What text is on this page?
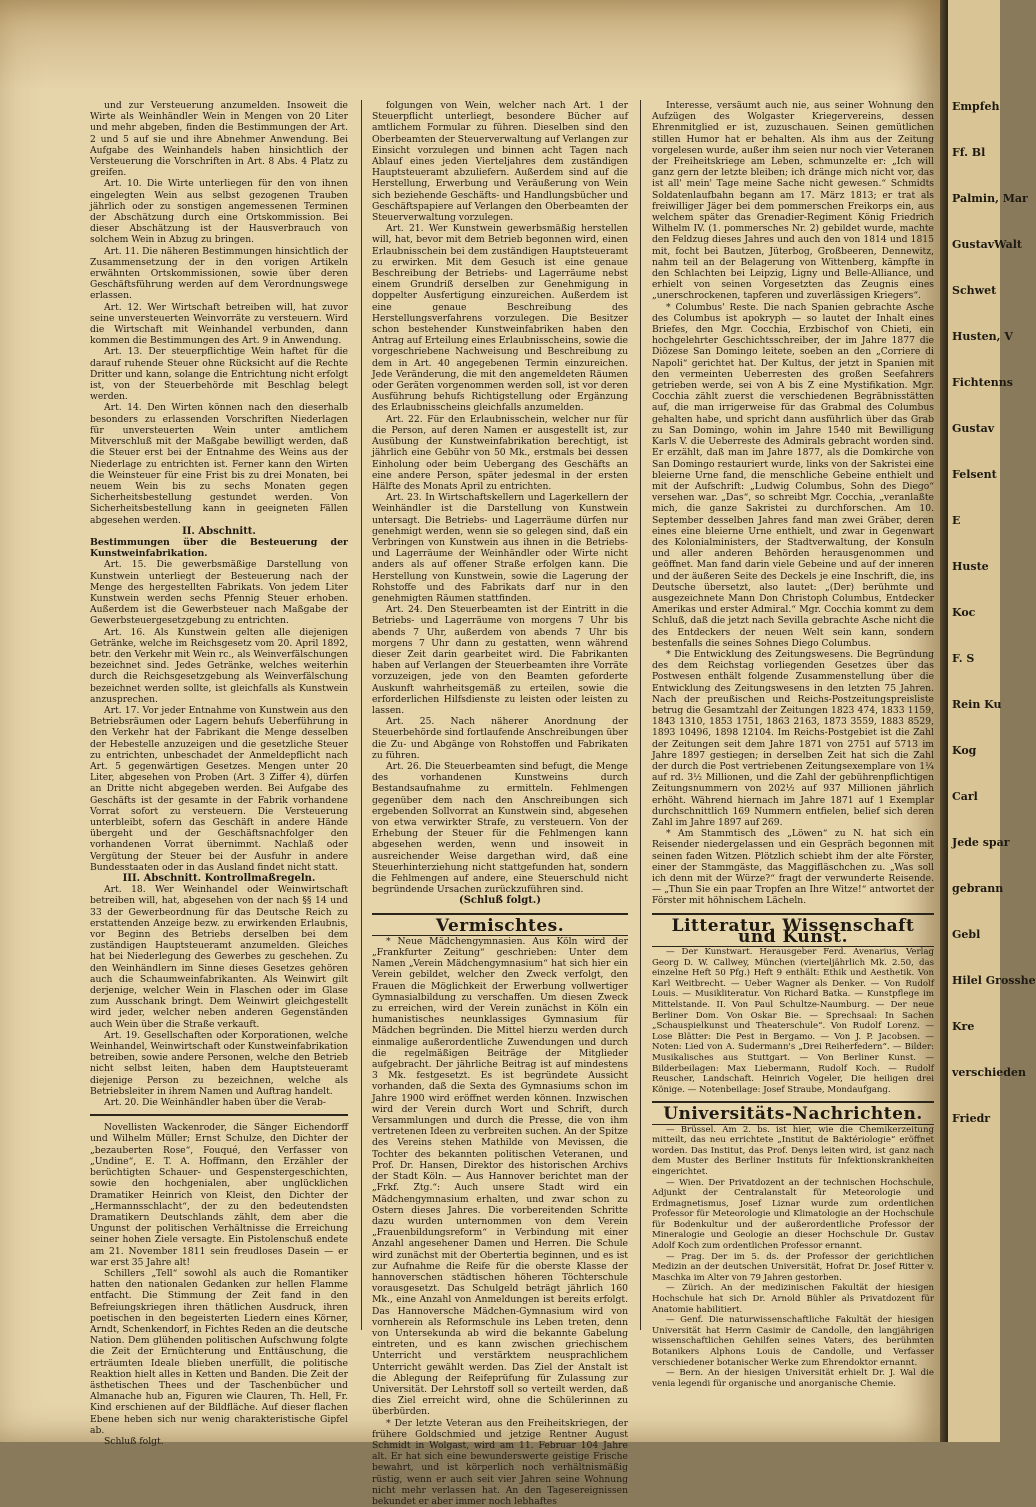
und zur Versteuerung anzumelden. Insoweit die Wirte als Weinhändler Wein in Mengen von 20 Liter und mehr abgeben, finden die Bestimmungen der Art. 2 und 5 auf sie und ihre Abnehmer Anwendung. Bei Aufgabe des Weinhandels haben hinsichtlich der Versteuerung die Vorschriften in Art. 8 Abs. 4 Platz zu greifen.

Art. 10. Die Wirte unterliegen für den von ihnen eingelegten Wein aus selbst gezogenen Trauben jährlich oder zu sonstigen angemessenen Terminen der Abschätzung durch eine Ortskommission. Bei dieser Abschätzung ist der Hausverbrauch von solchem Wein in Abzug zu bringen.

Art. 11. Die näheren Bestimmungen hinsichtlich der Zusammensetzung der in den vorigen Artikeln erwähnten Ortskommissionen, sowie über deren Geschäftsführung werden auf dem Verordnungswege erlassen.

Art. 12. Wer Wirtschaft betreiben will, hat zuvor seine unversteuerten Weinvorräte zu versteuern. Wird die Wirtschaft mit Weinhandel verbunden, dann kommen die Bestimmungen des Art. 9 in Anwendung.

Art. 13. Der steuerpflichtige Wein haftet für die darauf ruhende Steuer ohne Rücksicht auf die Rechte Dritter und kann, solange die Entrichtung nicht erfolgt ist, von der Steuerbehörde mit Beschlag belegt werden.

Art. 14. Den Wirten können nach den dieserhalb besonders zu erlassenden Vorschriften Niederlagen für unversteuerten Wein unter amtlichem Mitverschluß mit der Maßgabe bewilligt werden, daß die Steuer erst bei der Entnahme des Weins aus der Niederlage zu entrichten ist. Ferner kann den Wirten die Weinsteuer für eine Frist bis zu drei Monaten, bei neuem Wein bis zu sechs Monaten gegen Sicherheitsbestellung gestundet werden. Von Sicherheitsbestellung kann in geeigneten Fällen abgesehen werden.

II. Abschnitt.

Bestimmungen über die Besteuerung der Kunstweinfabrikation.

Art. 15. Die gewerbsmäßige Darstellung von Kunstwein unterliegt der Besteuerung nach der Menge des hergestellten Fabrikats. Von jedem Liter Kunstwein werden sechs Pfennig Steuer erhoben. Außerdem ist die Gewerbsteuer nach Maßgabe der Gewerbsteuergesetzgebung zu entrichten.

Art. 16. Als Kunstwein gelten alle diejenigen Getränke, welche im Reichsgesetz vom 20. April 1892, betr. den Verkehr mit Wein rc., als Weinverfälschungen bezeichnet sind. Jedes Getränke, welches weiterhin durch die Reichsgesetzgebung als Weinverfälschung bezeichnet werden sollte, ist gleichfalls als Kunstwein anzusprechen.

Art. 17. Vor jeder Entnahme von Kunstwein aus den Betriebsräumen oder Lagern behufs Ueberführung in den Verkehr hat der Fabrikant die Menge desselben der Hebestelle anzuzeigen und die gesetzliche Steuer zu entrichten, unbeschadet der Anmeldepflicht nach Art. 5 gegenwärtigen Gesetzes. Mengen unter 20 Liter, abgesehen von Proben (Art. 3 Ziffer 4), dürfen an Dritte nicht abgegeben werden. Bei Aufgabe des Geschäfts ist der gesamte in der Fabrik vorhandene Vorrat sofort zu versteuern. Die Versteuerung unterbleibt, sofern das Geschäft in andere Hände übergeht und der Geschäftsnachfolger den vorhandenen Vorrat übernimmt. Nachlaß oder Vergütung der Steuer bei der Ausfuhr in andere Bundesstaaten oder in das Ausland findet nicht statt.

III. Abschnitt. Kontrollmaßregeln.

Art. 18. Wer Weinhandel oder Weinwirtschaft betreiben will, hat, abgesehen von der nach §§ 14 und 33 der Gewerbeordnung für das Deutsche Reich zu erstattenden Anzeige bezw. zu erwirkenden Erlaubnis, vor Beginn des Betriebs derselben bei dem zuständigen Hauptsteueramt anzumelden. Gleiches hat bei Niederlegung des Gewerbes zu geschehen. Zu den Weinhändlern im Sinne dieses Gesetzes gehören auch die Schaumweinfabrikanten. Als Weinwirt gilt derjenige, welcher Wein in Flaschen oder im Glase zum Ausschank bringt. Dem Weinwirt gleichgestellt wird jeder, welcher neben anderen Gegenständen auch Wein über die Straße verkauft.

Art. 19. Gesellschaften oder Korporationen, welche Weinhandel, Weinwirtschaft oder Kunstweinfabrikation betreiben, sowie andere Personen, welche den Betrieb nicht selbst leiten, haben dem Hauptsteueramt diejenige Person zu bezeichnen, welche als Betriebsleiter in ihrem Namen und Auftrag handelt.

Art. 20. Die Weinhändler haben über die Verab-

Novellisten Wackenroder, die Sänger Eichendorff und Wilhelm Müller; Ernst Schulze, den Dichter der „bezauberten Rose“, Fouqué, den Verfasser von „Undine“, E. T. A. Hoffmann, den Erzähler der berüchtigten Schauer- und Gespenstergeschichten, sowie den hochgenialen, aber unglücklichen Dramatiker Heinrich von Kleist, den Dichter der „Hermannsschlacht“, der zu den bedeutendsten Dramatikern Deutschlands zählt, dem aber die Ungunst der politischen Verhältnisse die Erreichung seiner hohen Ziele versagte. Ein Pistolenschuß endete am 21. November 1811 sein freudloses Dasein — er war erst 35 Jahre alt!

Schillers „Tell“ sowohl als auch die Romantiker hatten den nationalen Gedanken zur hellen Flamme entfacht. Die Stimmung der Zeit fand in den Befreiungskriegen ihren thätlichen Ausdruck, ihren poetischen in den begeisterten Liedern eines Körner, Arndt, Schenkendorf, in Fichtes Reden an die deutsche Nation. Dem glühenden politischen Aufschwung folgte die Zeit der Ernüchterung und Enttäuschung, die erträumten Ideale blieben unerfüllt, die politische Reaktion hielt alles in Ketten und Banden. Die Zeit der ästhetischen Thees und der Taschenbücher und Almanache hub an, Figuren wie Clauren, Th. Hell, Fr. Kind erschienen auf der Bildfläche. Auf dieser flachen Ebene heben sich nur wenig charakteristische Gipfel ab.

Schluß folgt.

folgungen von Wein, welcher nach Art. 1 der Steuerpflicht unterliegt, besondere Bücher auf amtlichem Formular zu führen. Dieselben sind den Oberbeamten der Steuerverwaltung auf Verlangen zur Einsicht vorzulegen und binnen acht Tagen nach Ablauf eines jeden Vierteljahres dem zuständigen Hauptsteueramt abzuliefern. Außerdem sind auf die Herstellung, Erwerbung und Veräußerung von Wein sich beziehende Geschäfts- und Handlungsbücher und Geschäftspapiere auf Verlangen den Oberbeamten der Steuerverwaltung vorzulegen.

Art. 21. Wer Kunstwein gewerbsmäßig herstellen will, hat, bevor mit dem Betrieb begonnen wird, einen Erlaubnisschein bei dem zuständigen Hauptsteueramt zu erwirken. Mit dem Gesuch ist eine genaue Beschreibung der Betriebs- und Lagerräume nebst einem Grundriß derselben zur Genehmigung in doppelter Ausfertigung einzureichen. Außerdem ist eine genaue Beschreibung des Herstellungsverfahrens vorzulegen. Die Besitzer schon bestehender Kunstweinfabriken haben den Antrag auf Erteilung eines Erlaubnisscheins, sowie die vorgeschriebene Nachweisung und Beschreibung zu dem in Art. 40 angegebenen Termin einzureichen. Jede Veränderung, die mit den angemeldeten Räumen oder Geräten vorgenommen werden soll, ist vor deren Ausführung behufs Richtigstellung oder Ergänzung des Erlaubnisscheins gleichfalls anzumelden.

Art. 22. Für den Erlaubnisschein, welcher nur für die Person, auf deren Namen er ausgestellt ist, zur Ausübung der Kunstweinfabrikation berechtigt, ist jährlich eine Gebühr von 50 Mk., erstmals bei dessen Einholung oder beim Uebergang des Geschäfts an eine andere Person, später jedesmal in der ersten Hälfte des Monats April zu entrichten.

Art. 23. In Wirtschaftskellern und Lagerkellern der Weinhändler ist die Darstellung von Kunstwein untersagt. Die Betriebs- und Lagerräume dürfen nur genehmigt werden, wenn sie so gelegen sind, daß ein Verbringen von Kunstwein aus ihnen in die Betriebs- und Lagerräume der Weinhändler oder Wirte nicht anders als auf offener Straße erfolgen kann. Die Herstellung von Kunstwein, sowie die Lagerung der Rohstoffe und des Fabrikats darf nur in den genehmigten Räumen stattfinden.

Art. 24. Den Steuerbeamten ist der Eintritt in die Betriebs- und Lagerräume von morgens 7 Uhr bis abends 7 Uhr, außerdem von abends 7 Uhr bis morgens 7 Uhr dann zu gestatten, wenn während dieser Zeit darin gearbeitet wird. Die Fabrikanten haben auf Verlangen der Steuerbeamten ihre Vorräte vorzuzeigen, jede von den Beamten geforderte Auskunft wahrheitsgemäß zu erteilen, sowie die erforderlichen Hilfsdienste zu leisten oder leisten zu lassen.

Art. 25. Nach näherer Anordnung der Steuerbehörde sind fortlaufende Anschreibungen über die Zu- und Abgänge von Rohstoffen und Fabrikaten zu führen.

Art. 26. Die Steuerbeamten sind befugt, die Menge des vorhandenen Kunstweins durch Bestandsaufnahme zu ermitteln. Fehlmengen gegenüber dem nach den Anschreibungen sich ergebenden Sollvorrat an Kunstwein sind, abgesehen von etwa verwirkter Strafe, zu versteuern. Von der Erhebung der Steuer für die Fehlmengen kann abgesehen werden, wenn und insoweit in ausreichender Weise dargethan wird, daß eine Steuerhinterziehung nicht stattgefunden hat, sondern die Fehlmengen auf andere, eine Steuerschuld nicht begründende Ursachen zurückzuführen sind.

(Schluß folgt.)

Vermischtes.

* Neue Mädchengymnasien. Aus Köln wird der „Frankfurter Zeitung“ geschrieben: Unter dem Namen „Verein Mädchengymnasium“ hat sich hier ein Verein gebildet, welcher den Zweck verfolgt, den Frauen die Möglichkeit der Erwerbung vollwertiger Gymnasialbildung zu verschaffen. Um diesen Zweck zu erreichen, wird der Verein zunächst in Köln ein humanistisches neunklassiges Gymnasium für Mädchen begründen. Die Mittel hierzu werden durch einmalige außerordentliche Zuwendungen und durch die regelmäßigen Beiträge der Mitglieder aufgebracht. Der jährliche Beitrag ist auf mindestens 3 Mk. festgesetzt. Es ist begründete Aussicht vorhanden, daß die Sexta des Gymnasiums schon im Jahre 1900 wird eröffnet werden können. Inzwischen wird der Verein durch Wort und Schrift, durch Versammlungen und durch die Presse, die von ihm vertretenen Ideen zu verbreiten suchen. An der Spitze des Vereins stehen Mathilde von Mevissen, die Tochter des bekannten politischen Veteranen, und Prof. Dr. Hansen, Direktor des historischen Archivs der Stadt Köln. — Aus Hannover berichtet man der „Frkf. Ztg.“: Auch unsere Stadt wird ein Mädchengymnasium erhalten, und zwar schon zu Ostern dieses Jahres. Die vorbereitenden Schritte dazu wurden unternommen von dem Verein „Frauenbildungsreform“ in Verbindung mit einer Anzahl angesehener Damen und Herren. Die Schule wird zunächst mit der Obertertia beginnen, und es ist zur Aufnahme die Reife für die oberste Klasse der hannoverschen städtischen höheren Töchterschule vorausgesetzt. Das Schulgeld beträgt jährlich 160 Mk., eine Anzahl von Anmeldungen ist bereits erfolgt. Das Hannoversche Mädchen-Gymnasium wird von vornherein als Reformschule ins Leben treten, denn von Untersekunda ab wird die bekannte Gabelung eintreten, und es kann zwischen griechischem Unterricht und verstärktem neusprachlichem Unterricht gewählt werden. Das Ziel der Anstalt ist die Ablegung der Reifeprüfung für Zulassung zur Universität. Der Lehrstoff soll so verteilt werden, daß dies Ziel erreicht wird, ohne die Schülerinnen zu überbürden.

* Der letzte Veteran aus den Freiheitskriegen, der frühere Goldschmied und jetzige Rentner August Schmidt in Wolgast, wird am 11. Februar 104 Jahre alt. Er hat sich eine bewunderswerte geistige Frische bewahrt, und ist körperlich noch verhältnismäßig rüstig, wenn er auch seit vier Jahren seine Wohnung nicht mehr verlassen hat. An den Tagesereignissen bekundet er aber immer noch lebhaftes

Interesse, versäumt auch nie, aus seiner Wohnung den Aufzügen des Wolgaster Kriegervereins, dessen Ehrenmitglied er ist, zuzuschauen. Seinen gemütlichen stillen Humor hat er behalten. Als ihm aus der Zeitung vorgelesen wurde, außer ihm seien nur noch vier Veteranen der Freiheitskriege am Leben, schmunzelte er: „Ich will ganz gern der letzte bleiben; ich dränge mich nicht vor, das ist all' mein' Tage meine Sache nicht gewesen.“ Schmidts Soldatenlaufbahn begann am 17. März 1813; er trat als freiwilliger Jäger bei dem pommerschen Freikorps ein, aus welchem später das Grenadier-Regiment König Friedrich Wilhelm IV. (1. pommersches Nr. 2) gebildet wurde, machte den Feldzug dieses Jahres und auch den von 1814 und 1815 mit, focht bei Bautzen, Jüterbog, Großbeeren, Dennewitz, nahm teil an der Belagerung von Wittenberg, kämpfte in den Schlachten bei Leipzig, Ligny und Belle-Alliance, und erhielt von seinen Vorgesetzten das Zeugnis eines „unerschrockenen, tapferen und zuverlässigen Kriegers“.

* Columbus' Reste. Die nach Spanien gebrachte Asche des Columbus ist apokryph — so lautet der Inhalt eines Briefes, den Mgr. Cocchia, Erzbischof von Chieti, ein hochgelehrter Geschichtsschreiber, der im Jahre 1877 die Diözese San Domingo leitete, soeben an den „Corriere di Napoli“ gerichtet hat. Der Kultus, der jetzt in Spanien mit den vermeinten Ueberresten des großen Seefahrers getrieben werde, sei von A bis Z eine Mystifikation. Mgr. Cocchia zählt zuerst die verschiedenen Begräbnisstätten auf, die man irrigerweise für das Grabmal des Columbus gehalten habe, und spricht dann ausführlich über das Grab zu San Domingo, wohin im Jahre 1540 mit Bewilligung Karls V. die Ueberreste des Admirals gebracht worden sind. Er erzählt, daß man im Jahre 1877, als die Domkirche von San Domingo restauriert wurde, links von der Sakristei eine bleierne Urne fand, die menschliche Gebeine enthielt und mit der Aufschrift: „Ludwig Columbus, Sohn des Diego“ versehen war. „Das“, so schreibt Mgr. Cocchia, „veranlaßte mich, die ganze Sakristei zu durchforschen. Am 10. September desselben Jahres fand man zwei Gräber, deren eines eine bleierne Urne enthielt, und zwar in Gegenwart des Kolonialministers, der Stadtverwaltung, der Konsuln und aller anderen Behörden herausgenommen und geöffnet. Man fand darin viele Gebeine und auf der inneren und der äußeren Seite des Deckels je eine Inschrift, die, ins Deutsche übersetzt, also lautet: „(Der) berühmte und ausgezeichnete Mann Don Christoph Columbus, Entdecker Amerikas und erster Admiral.“ Mgr. Cocchia kommt zu dem Schluß, daß die jetzt nach Sevilla gebrachte Asche nicht die des Entdeckers der neuen Welt sein kann, sondern bestenfalls die seines Sohnes Diego Columbus.

* Die Entwicklung des Zeitungswesens. Die Begründung des dem Reichstag vorliegenden Gesetzes über das Postwesen enthält folgende Zusammenstellung über die Entwicklung des Zeitungswesens in den letzten 75 Jahren. Nach der preußischen und Reichs-Postzeitungspreisliste betrug die Gesamtzahl der Zeitungen 1823 474, 1833 1159, 1843 1310, 1853 1751, 1863 2163, 1873 3559, 1883 8529, 1893 10496, 1898 12104. Im Reichs-Postgebiet ist die Zahl der Zeitungen seit dem Jahre 1871 von 2751 auf 5713 im Jahre 1897 gestiegen; in derselben Zeit hat sich die Zahl der durch die Post vertriebenen Zeitungsexemplare von 1¼ auf rd. 3½ Millionen, und die Zahl der gebührenpflichtigen Zeitungsnummern von 202½ auf 937 Millionen jährlich erhöht. Während hiernach im Jahre 1871 auf 1 Exemplar durchschnittlich 169 Nummern entfielen, belief sich deren Zahl im Jahre 1897 auf 269.

* Am Stammtisch des „Löwen“ zu N. hat sich ein Reisender niedergelassen und ein Gespräch begonnen mit seinen faden Witzen. Plötzlich schiebt ihm der alte Förster, einer der Stammgäste, das Maggifläschchen zu. „Was soll ich denn mit der Würze?“ fragt der verwunderte Reisende. — „Thun Sie ein paar Tropfen an Ihre Witze!“ antwortet der Förster mit höhnischem Lächeln.

Litteratur, Wissenschaft und Kunst.

— Der Kunstwart. Herausgeber Ferd. Avenarius, Verlag Georg D. W. Callwey, München (vierteljährlich Mk. 2.50, das einzelne Heft 50 Pfg.) Heft 9 enthält: Ethik und Aesthetik. Von Karl Weitbrecht. — Ueber Wagner als Denker. — Von Rudolf Louis. — Musikliteratur. Von Richard Batka. — Kunstpflege im Mittelstande. II. Von Paul Schultze-Naumburg. — Der neue Berliner Dom. Von Oskar Bie. — Sprechsaal: In Sachen „Schauspielkunst und Theaterschule“. Von Rudolf Lorenz. — Lose Blätter: Die Pest in Bergamo. — Von J. P. Jacobsen. — Noten: Lied von A. Sudermann's „Drei Reiherfedern“. — Bilder: Musikalisches aus Stuttgart. — Von Berliner Kunst. — Bilderbeilagen: Max Liebermann, Rudolf Koch. — Rudolf Reuscher, Landschaft. Heinrich Vogeler, Die heiligen drei Könige. — Notenbeilage: Josef Straube, Mondaufgang.

Universitäts-Nachrichten.

— Brüssel. Am 2. bs. ist hier, wie die Chemikerzeitung mitteilt, das neu errichtete „Institut de Baktériologie“ eröffnet worden. Das Institut, das Prof. Denys leiten wird, ist ganz nach dem Muster des Berliner Instituts für Infektionskrankheiten eingerichtet.

— Wien. Der Privatdozent an der technischen Hochschule, Adjunkt der Centralanstalt für Meteorologie und Erdmagnetismus, Josef Liznar wurde zum ordentlichen Professor für Meteorologie und Klimatologie an der Hochschule für Bodenkultur und der außerordentliche Professor der Mineralogie und Geologie an dieser Hochschule Dr. Gustav Adolf Koch zum ordentlichen Professor ernannt.

— Prag. Der im 5. ds. der Professor der gerichtlichen Medizin an der deutschen Universität, Hofrat Dr. Josef Ritter v. Maschka im Alter von 79 Jahren gestorben.

— Zürich. An der medizinischen Fakultät der hiesigen Hochschule hat sich Dr. Arnold Bühler als Privatdozent für Anatomie habilitiert.

— Genf. Die naturwissenschaftliche Fakultät der hiesigen Universität hat Herrn Casimir de Candolle, den langjährigen wissenschaftlichen Gehilfen seines Vaters, des berühmten Botanikers Alphons Louis de Candolle, und Verfasser verschiedener botanischer Werke zum Ehrendoktor ernannt.

— Bern. An der hiesigen Universität erhielt Dr. J. Wal die venia legendi für organische und anorganische Chemie.

Empfeh
Ff. Bl
Palmin, Mar
GustavWalt
Schwet
Husten, V
Fichtenns
Gustav
Felsent
E
Huste
Koc
F. S
Rein Ku
Kog
Carl
Jede spar
gebrann
Gebl
Hilel Grosshe
Kre
verschieden
Friedr
